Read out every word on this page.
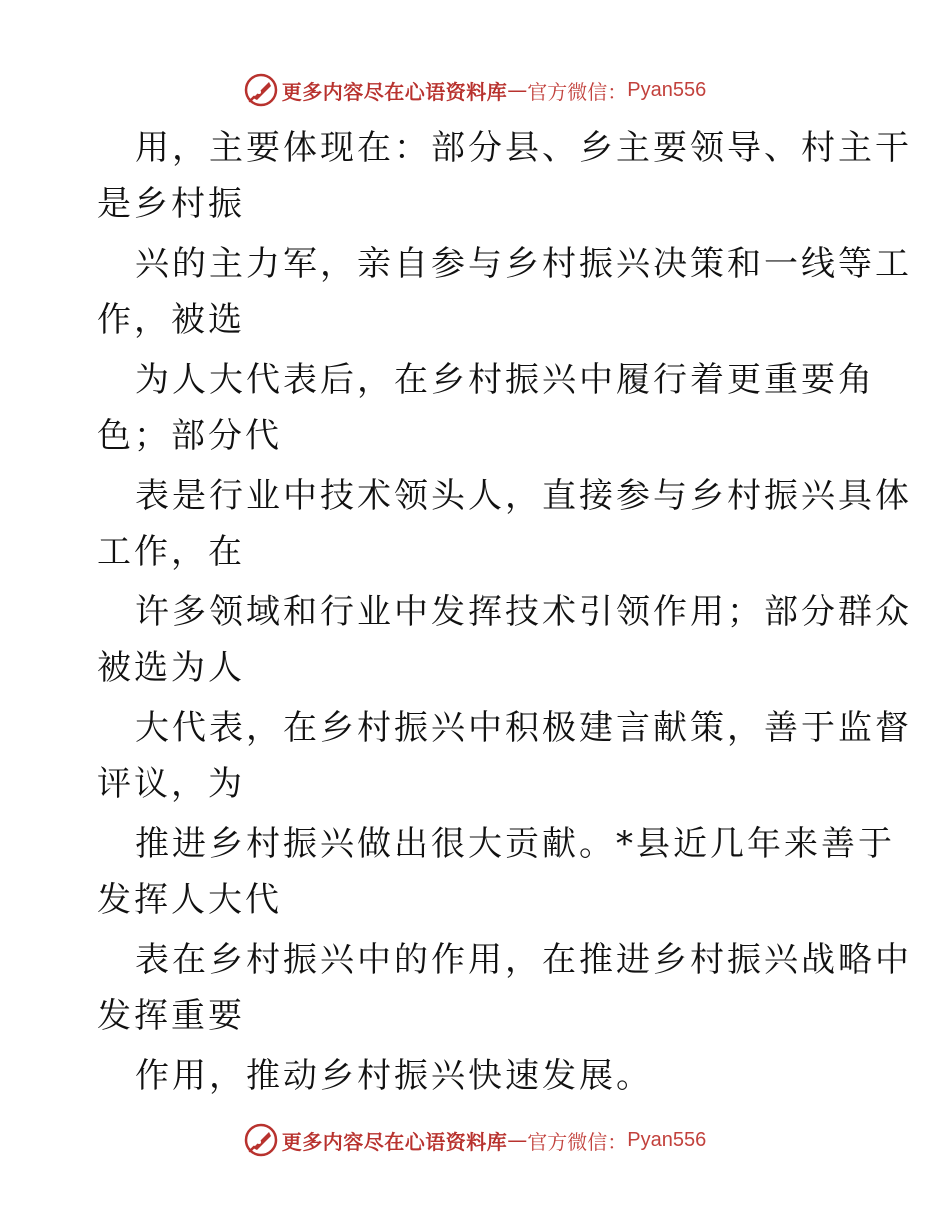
更多内容尽在心语资料库 — 官方微信： Pyan556
用，主要体现在：部分县、乡主要领导、村主干
是乡村振
兴的主力军，亲自参与乡村振兴决策和一线等工
作，被选
为人大代表后，在乡村振兴中履行着更重要角
色；部分代
表是行业中技术领头人，直接参与乡村振兴具体
工作，在
许多领域和行业中发挥技术引领作用；部分群众
被选为人
大代表，在乡村振兴中积极建言献策，善于监督
评议，为
推进乡村振兴做出很大贡献。*县近几年来善于
发挥人大代
表在乡村振兴中的作用，在推进乡村振兴战略中
发挥重要
作用，推动乡村振兴快速发展。
更多内容尽在心语资料库 — 官方微信： Pyan556
